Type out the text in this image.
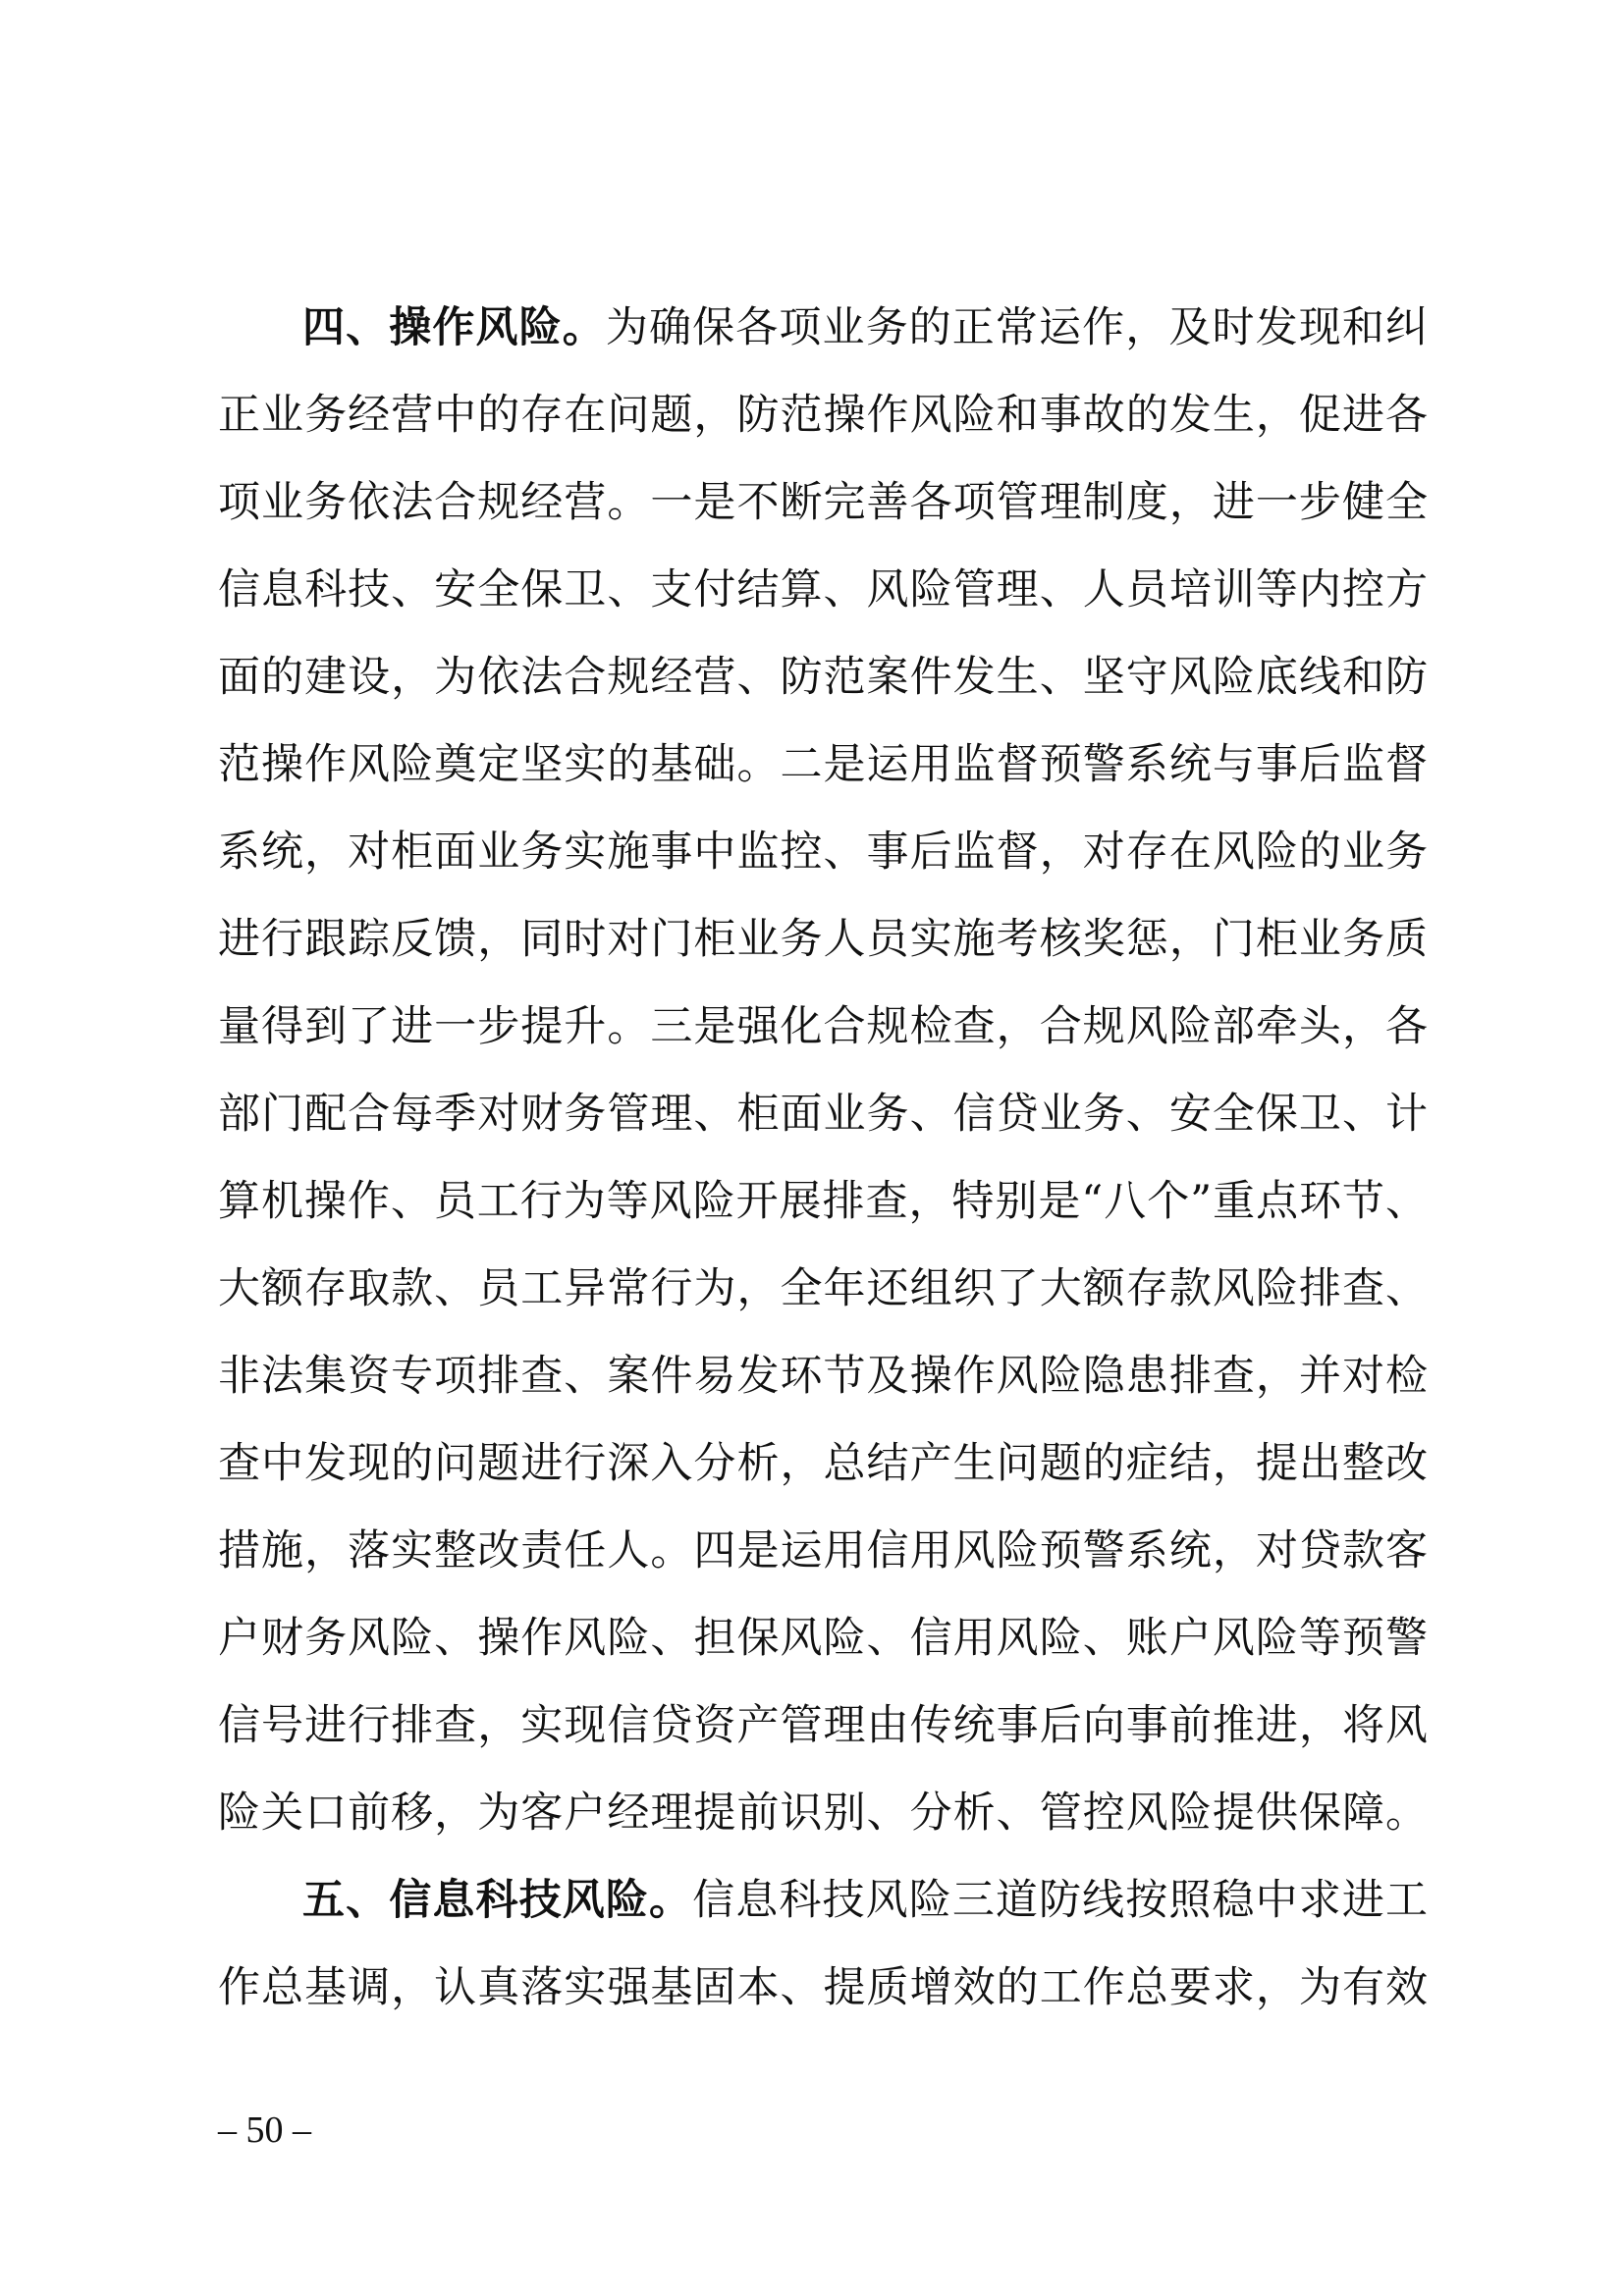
四、操作风险。为确保各项业务的正常运作，及时发现和纠
正业务经营中的存在问题，防范操作风险和事故的发生，促进各
项业务依法合规经营。一是不断完善各项管理制度，进一步健全
信息科技、安全保卫、支付结算、风险管理、人员培训等内控方
面的建设，为依法合规经营、防范案件发生、坚守风险底线和防
范操作风险奠定坚实的基础。二是运用监督预警系统与事后监督
系统，对柜面业务实施事中监控、事后监督，对存在风险的业务
进行跟踪反馈，同时对门柜业务人员实施考核奖惩，门柜业务质
量得到了进一步提升。三是强化合规检查，合规风险部牵头，各
部门配合每季对财务管理、柜面业务、信贷业务、安全保卫、计
算机操作、员工行为等风险开展排查，特别是“八个”重点环节、
大额存取款、员工异常行为，全年还组织了大额存款风险排查、
非法集资专项排查、案件易发环节及操作风险隐患排查，并对检
查中发现的问题进行深入分析，总结产生问题的症结，提出整改
措施，落实整改责任人。四是运用信用风险预警系统，对贷款客
户财务风险、操作风险、担保风险、信用风险、账户风险等预警
信号进行排查，实现信贷资产管理由传统事后向事前推进，将风
险关口前移，为客户经理提前识别、分析、管控风险提供保障。
五、信息科技风险。信息科技风险三道防线按照稳中求进工
作总基调，认真落实强基固本、提质增效的工作总要求，为有效
– 50 –
